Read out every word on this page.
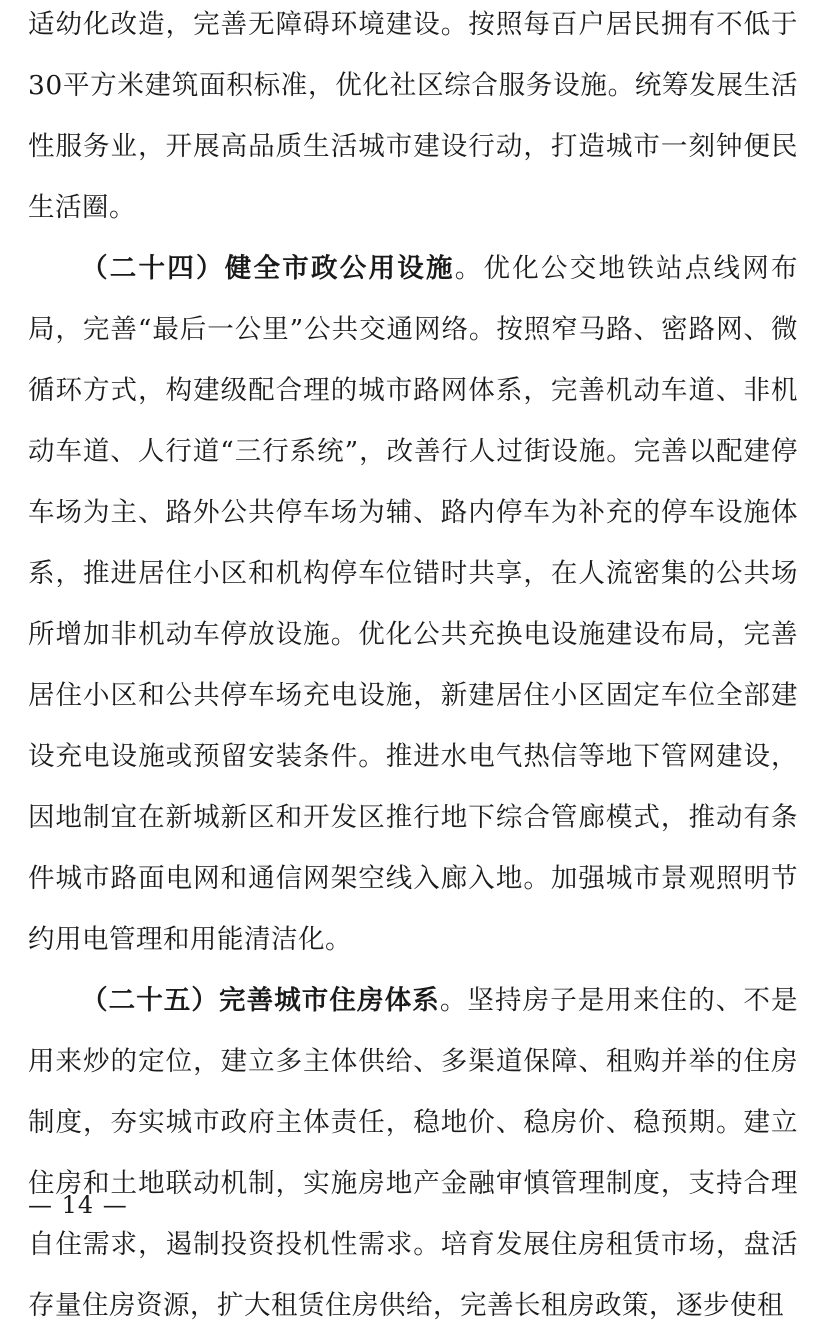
适幼化改造，完善无障碍环境建设。按照每百户居民拥有不低于30平方米建筑面积标准，优化社区综合服务设施。统筹发展生活性服务业，开展高品质生活城市建设行动，打造城市一刻钟便民生活圈。

（二十四）健全市政公用设施。优化公交地铁站点线网布局，完善“最后一公里”公共交通网络。按照窄马路、密路网、微循环方式，构建级配合理的城市路网体系，完善机动车道、非机动车道、人行道“三行系统”，改善行人过街设施。完善以配建停车场为主、路外公共停车场为辅、路内停车为补充的停车设施体系，推进居住小区和机构停车位错时共享，在人流密集的公共场所增加非机动车停放设施。优化公共充换电设施建设布局，完善居住小区和公共停车场充电设施，新建居住小区固定车位全部建设充电设施或预留安装条件。推进水电气热信等地下管网建设，因地制宜在新城新区和开发区推行地下综合管廊模式，推动有条件城市路面电网和通信网架空线入廊入地。加强城市景观照明节约用电管理和用能清洁化。

（二十五）完善城市住房体系。坚持房子是用来住的、不是用来炒的定位，建立多主体供给、多渠道保障、租购并举的住房制度，夯实城市政府主体责任，稳地价、稳房价、稳预期。建立住房和土地联动机制，实施房地产金融审慎管理制度，支持合理自住需求，遏制投资投机性需求。培育发展住房租赁市场，盘活存量住房资源，扩大租赁住房供给，完善长租房政策，逐步使租

— 14 —
